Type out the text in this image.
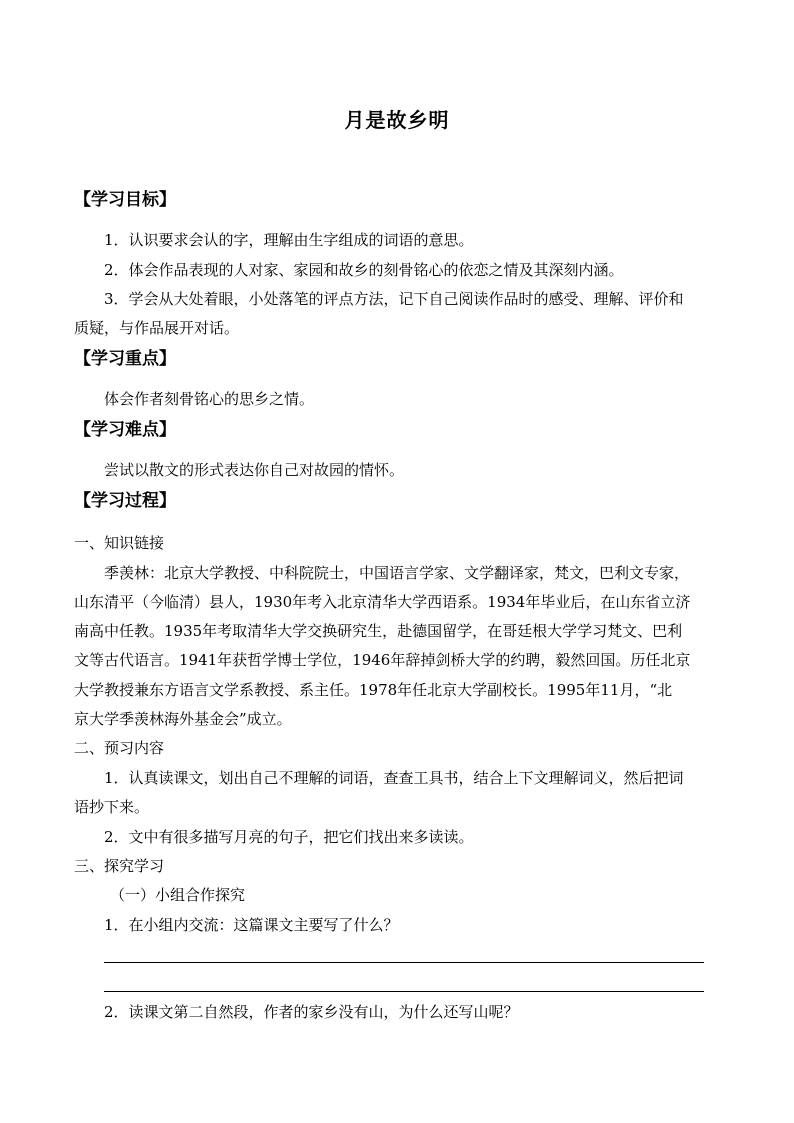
月是故乡明
【学习目标】
1．认识要求会认的字，理解由生字组成的词语的意思。
2．体会作品表现的人对家、家园和故乡的刻骨铭心的依恋之情及其深刻内涵。
3．学会从大处着眼，小处落笔的评点方法，记下自己阅读作品时的感受、理解、评价和
质疑，与作品展开对话。
【学习重点】
体会作者刻骨铭心的思乡之情。
【学习难点】
尝试以散文的形式表达你自己对故园的情怀。
【学习过程】
一、知识链接
季羡林：北京大学教授、中科院院士，中国语言学家、文学翻译家，梵文，巴利文专家，
山东清平（今临清）县人，1930年考入北京清华大学西语系。1934年毕业后，在山东省立济
南高中任教。1935年考取清华大学交换研究生，赴德国留学，在哥廷根大学学习梵文、巴利
文等古代语言。1941年获哲学博士学位，1946年辞掉剑桥大学的约聘，毅然回国。历任北京
大学教授兼东方语言文学系教授、系主任。1978年任北京大学副校长。1995年11月，“北
京大学季羡林海外基金会”成立。
二、预习内容
1．认真读课文，划出自己不理解的词语，查查工具书，结合上下文理解词义，然后把词
语抄下来。
2．文中有很多描写月亮的句子，把它们找出来多读读。
三、探究学习
（一）小组合作探究
1．在小组内交流：这篇课文主要写了什么？
2．读课文第二自然段，作者的家乡没有山，为什么还写山呢？
